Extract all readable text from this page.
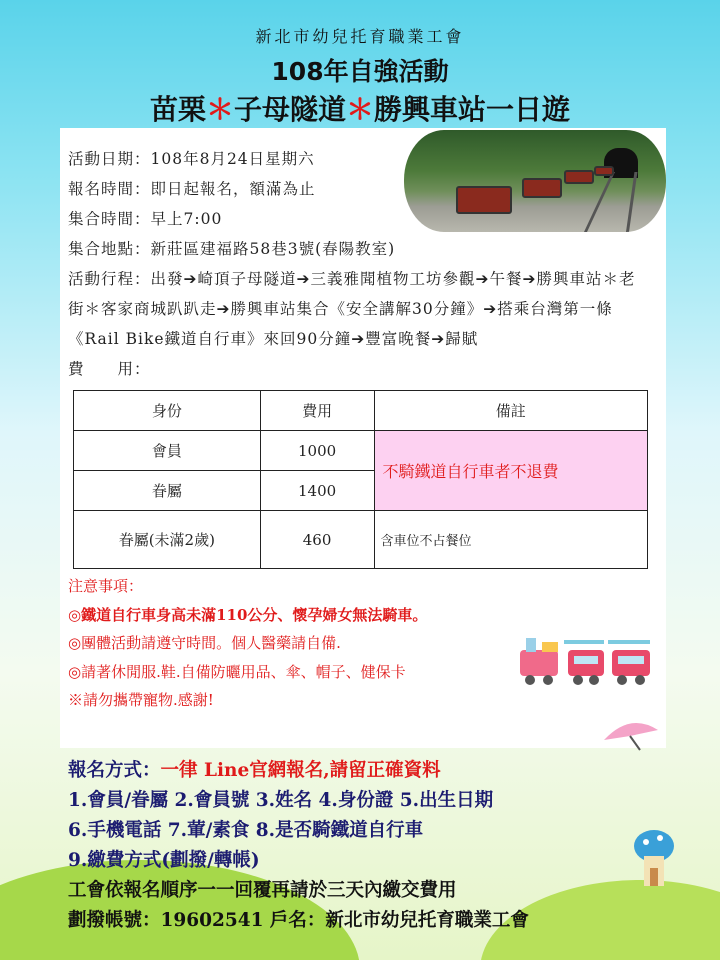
新北市幼兒托育職業工會
108年自強活動
苗栗＊子母隧道＊勝興車站一日遊
活動日期：108年8月24日星期六
報名時間：即日起報名，額滿為止
集合時間：早上7:00
集合地點：新莊區建福路58巷3號(春陽教室)
活動行程：出發➔崎頂子母隧道➔三義雅聞植物工坊參觀➔午餐➔勝興車站＊老街＊客家商城趴趴走➔勝興車站集合《安全講解30分鐘》➔搭乘台灣第一條《Rail Bike鐵道自行車》來回90分鐘➔豐富晚餐➔歸賦
費　　用：
身份	費用	備註
會員	1000	不騎鐵道自行車者不退費
眷屬	1400	
眷屬(未滿2歲)	460	含車位不占餐位
注意事項：
◎鐵道自行車身高未滿110公分、懷孕婦女無法騎車。
◎團體活動請遵守時間。個人醫藥請自備.
◎請著休閒服.鞋.自備防曬用品、傘、帽子、健保卡
※請勿攜帶寵物.感謝!
報名方式：一律 Line官網報名,請留正確資料
1.會員/眷屬 2.會員號 3.姓名 4.身份證 5.出生日期
6.手機電話 7.葷/素食 8.是否騎鐵道自行車
9.繳費方式(劃撥/轉帳)
工會依報名順序一一回覆再請於三天內繳交費用
劃撥帳號：19602541 戶名：新北市幼兒托育職業工會
